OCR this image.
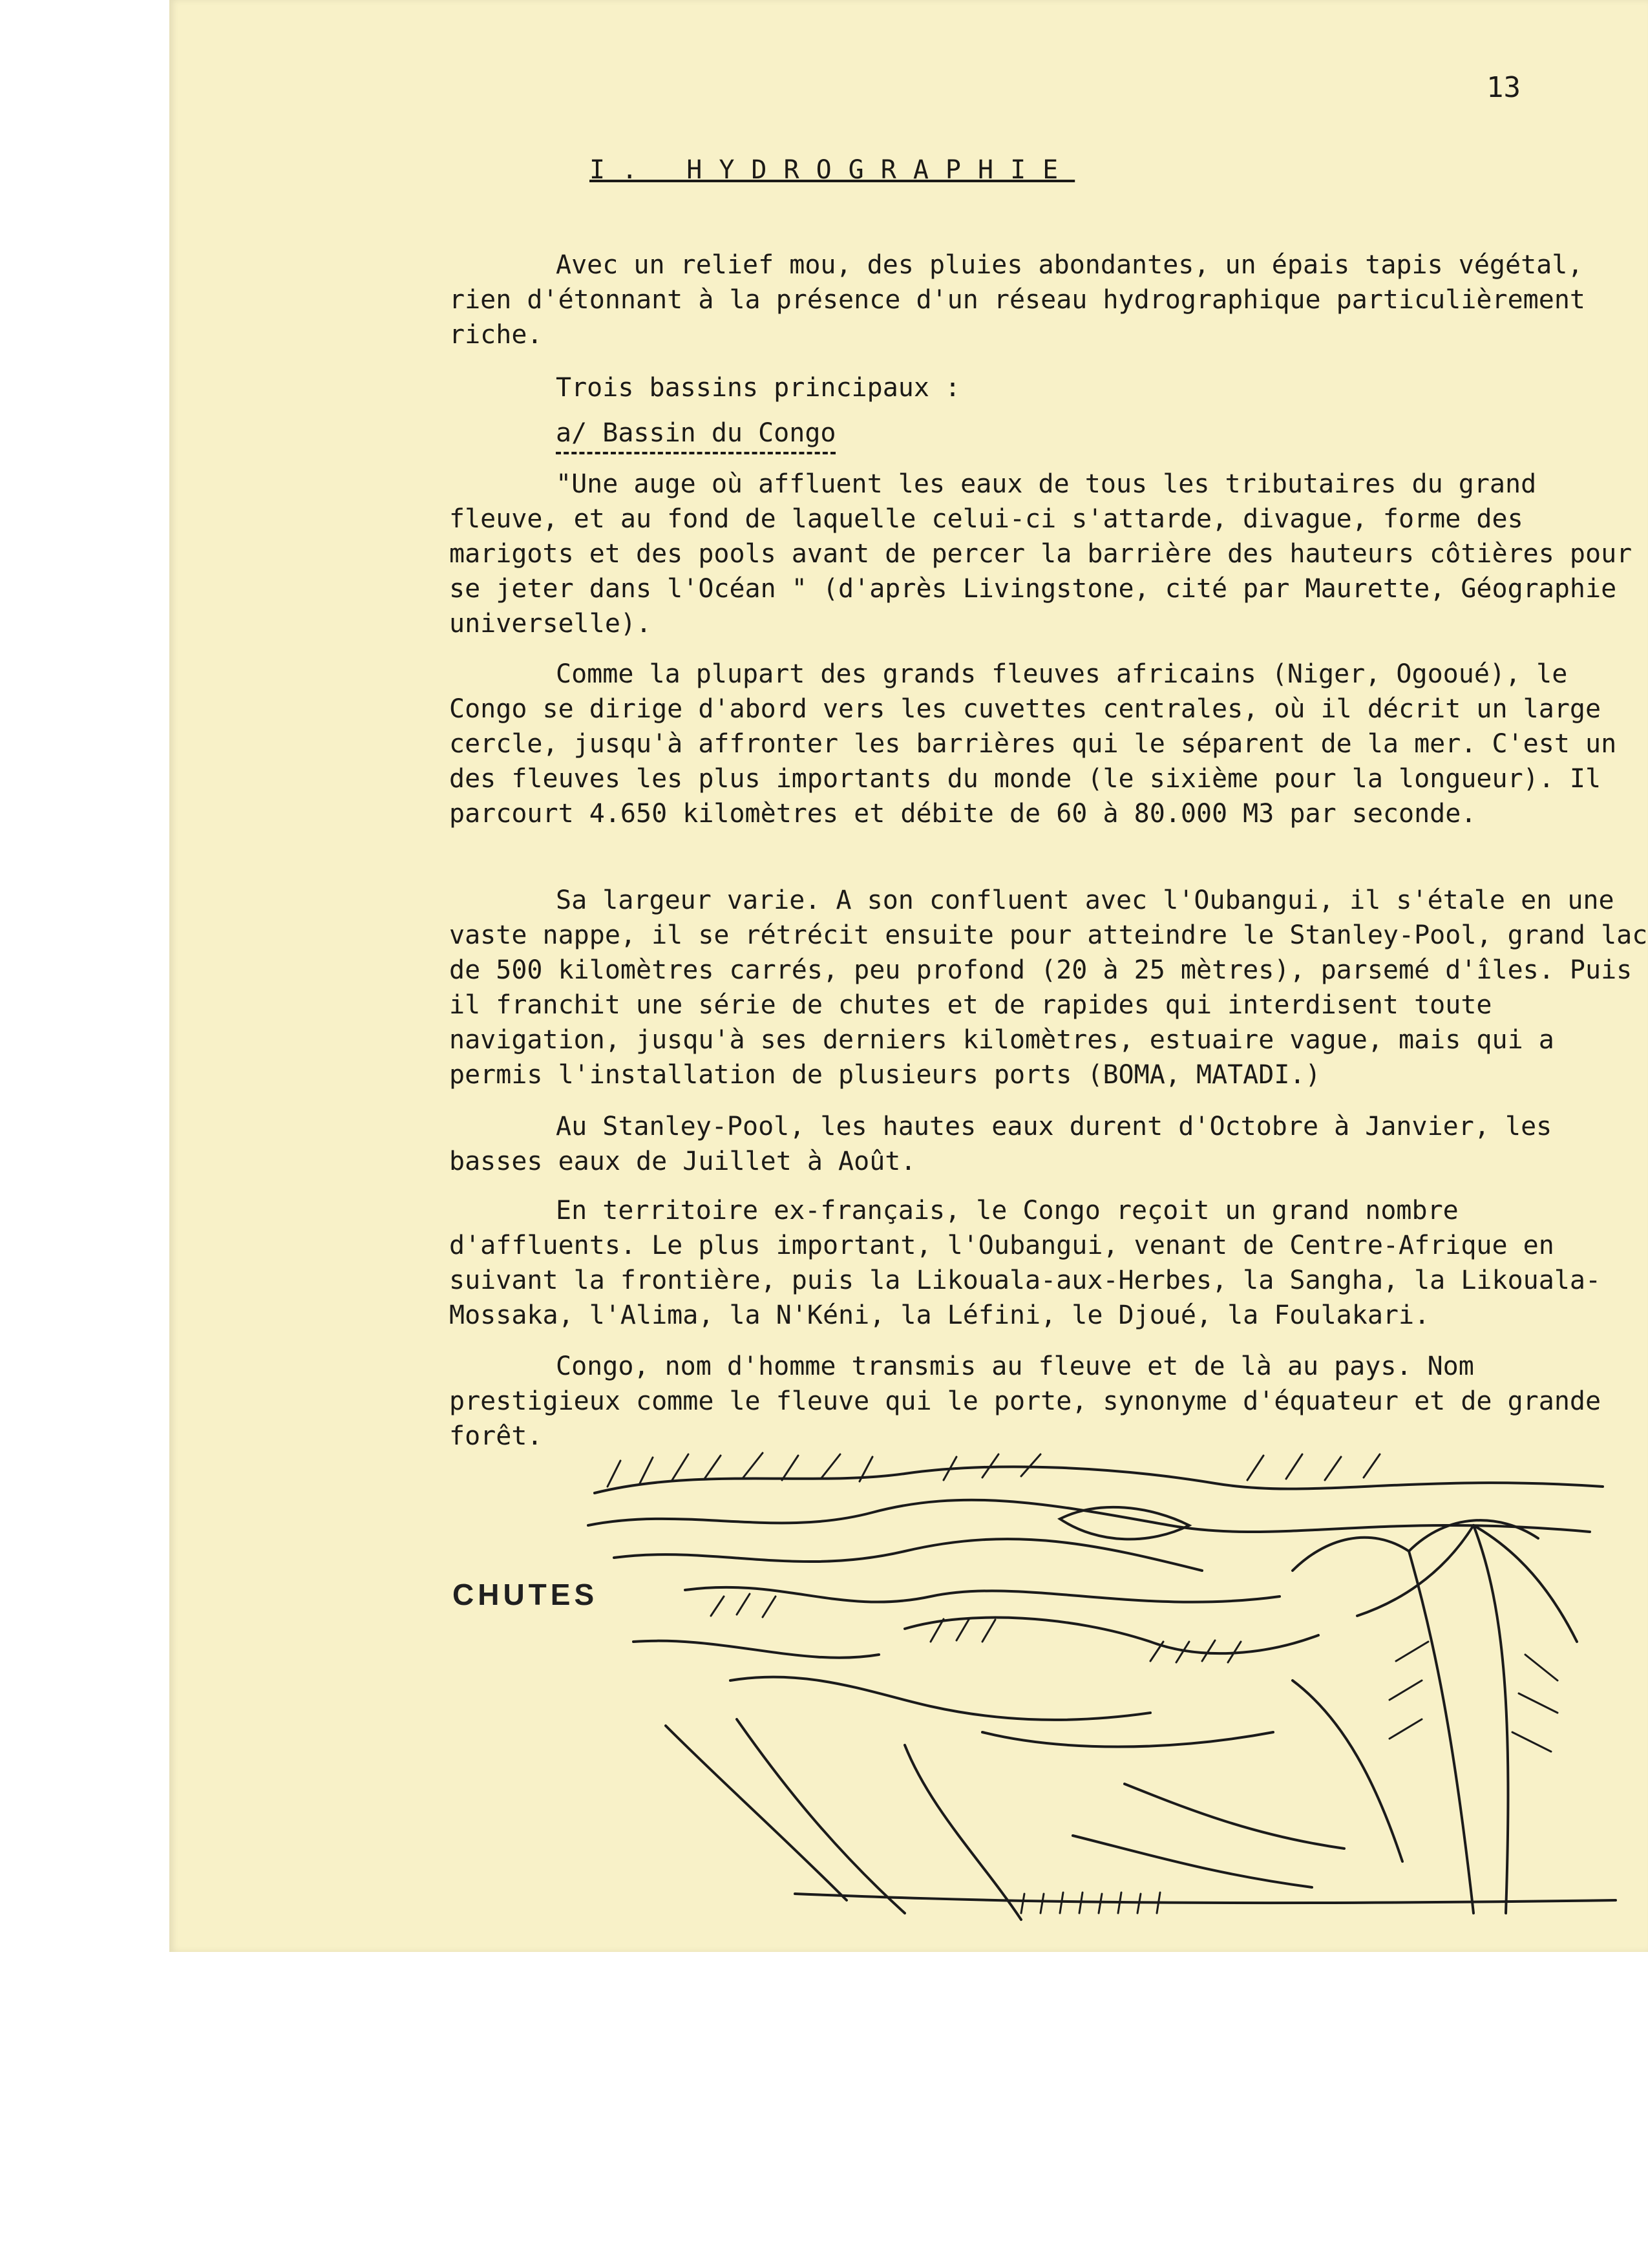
13
I. HYDROGRAPHIE

Avec un relief mou, des pluies abondantes, un épais tapis végétal, rien d'étonnant à la présence d'un réseau hydrographique particulièrement riche.

Trois bassins principaux :

a/ Bassin du Congo

"Une auge où affluent les eaux de tous les tributaires du grand fleuve, et au fond de laquelle celui-ci s'attarde, divague, forme des marigots et des pools avant de percer la barrière des hauteurs côtières pour se jeter dans l'Océan " (d'après Livingstone, cité par Maurette, Géographie universelle).

Comme la plupart des grands fleuves africains (Niger, Ogooué), le Congo se dirige d'abord vers les cuvettes centrales, où il décrit un large cercle, jusqu'à affronter les barrières qui le séparent de la mer. C'est un des fleuves les plus importants du monde (le sixième pour la longueur). Il parcourt 4.650 kilomètres et débite de 60 à 80.000 M3 par seconde.

Sa largeur varie. A son confluent avec l'Oubangui, il s'étale en une vaste nappe, il se rétrécit ensuite pour atteindre le Stanley-Pool, grand lac de 500 kilomètres carrés, peu profond (20 à 25 mètres), parsemé d'îles. Puis il franchit une série de chutes et de rapides qui interdisent toute navigation, jusqu'à ses derniers kilomètres, estuaire vague, mais qui a permis l'installation de plusieurs ports (BOMA, MATADI.)

Au Stanley-Pool, les hautes eaux durent d'Octobre à Janvier, les basses eaux de Juillet à Août.

En territoire ex-français, le Congo reçoit un grand nombre d'affluents. Le plus important, l'Oubangui, venant de Centre-Afrique en suivant la frontière, puis la Likouala-aux-Herbes, la Sangha, la Likouala-Mossaka, l'Alima, la N'Kéni, la Léfini, le Djoué, la Foulakari.

Congo, nom d'homme transmis au fleuve et de là au pays. Nom prestigieux comme le fleuve qui le porte, synonyme d'équateur et de grande forêt.

CHUTES
